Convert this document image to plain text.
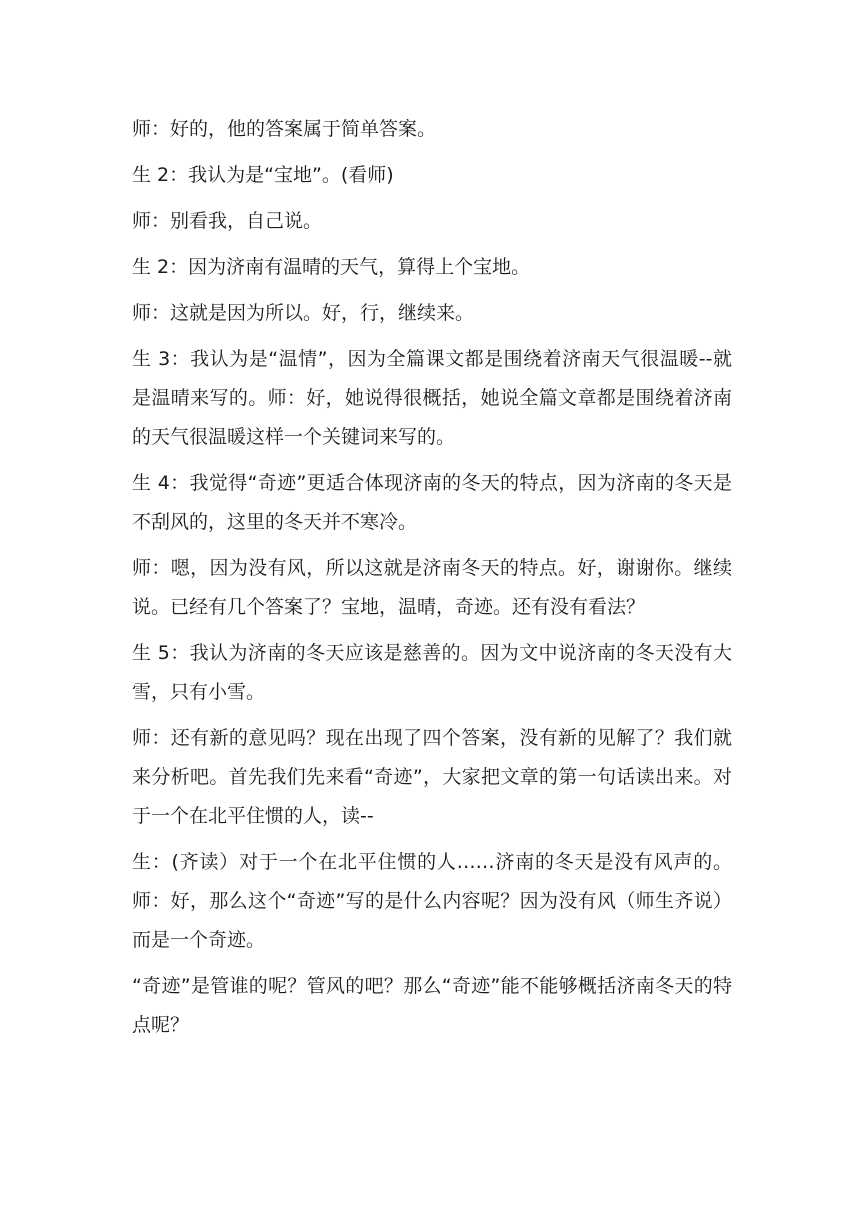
师：好的，他的答案属于简单答案。

生 2：我认为是“宝地”。(看师)

师：别看我，自己说。

生 2：因为济南有温晴的天气，算得上个宝地。

师：这就是因为所以。好，行，继续来。

生 3：我认为是“温情”，因为全篇课文都是围绕着济南天气很温暖--就是温晴来写的。师：好，她说得很概括，她说全篇文章都是围绕着济南的天气很温暖这样一个关键词来写的。

生 4：我觉得“奇迹”更适合体现济南的冬天的特点，因为济南的冬天是不刮风的，这里的冬天并不寒冷。

师：嗯，因为没有风，所以这就是济南冬天的特点。好，谢谢你。继续说。已经有几个答案了？宝地，温晴，奇迹。还有没有看法？

生 5：我认为济南的冬天应该是慈善的。因为文中说济南的冬天没有大雪，只有小雪。

师：还有新的意见吗？现在出现了四个答案，没有新的见解了？我们就来分析吧。首先我们先来看“奇迹”，大家把文章的第一句话读出来。对于一个在北平住惯的人，读--

生：(齐读）对于一个在北平住惯的人……济南的冬天是没有风声的。师：好，那么这个“奇迹”写的是什么内容呢？因为没有风（师生齐说）而是一个奇迹。

“奇迹”是管谁的呢？管风的吧？那么“奇迹”能不能够概括济南冬天的特点呢？
